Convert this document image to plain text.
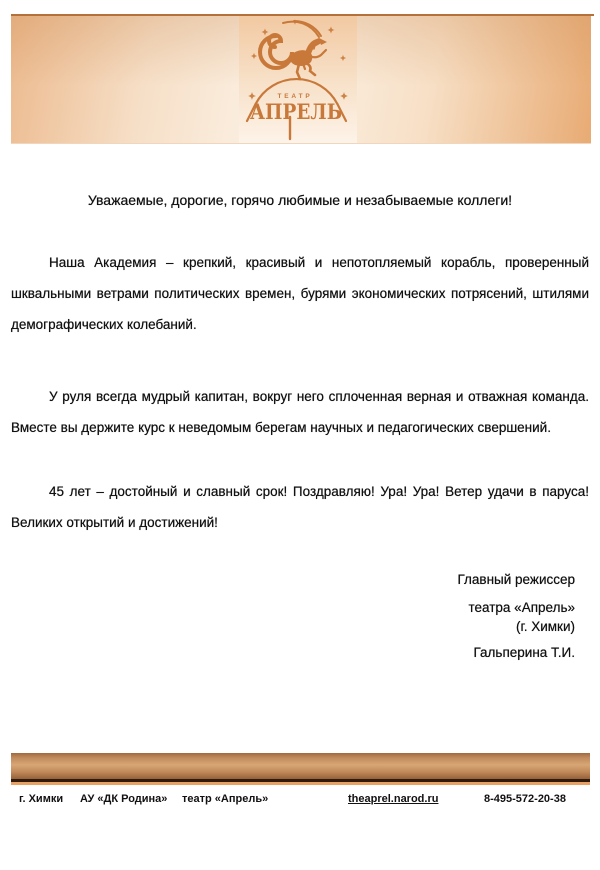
ТЕАТР
АПРЕЛЬ
Уважаемые, дорогие, горячо любимые и незабываемые коллеги!
Наша Академия – крепкий, красивый и непотопляемый корабль, проверенный
шквальными ветрами политических времен, бурями экономических потрясений, штилями
демографических колебаний.
У руля всегда мудрый капитан, вокруг него сплоченная верная и отважная команда.
Вместе вы держите курс к неведомым берегам научных и педагогических свершений.
45 лет – достойный и славный срок! Поздравляю! Ура! Ура! Ветер удачи в паруса!
Великих открытий и достижений!
Главный режиссер
театра «Апрель»
(г. Химки)
Гальперина Т.И.
г. Химки АУ «ДК Родина» театр «Апрель»	theaprel.narod.ru	8-495-572-20-38
